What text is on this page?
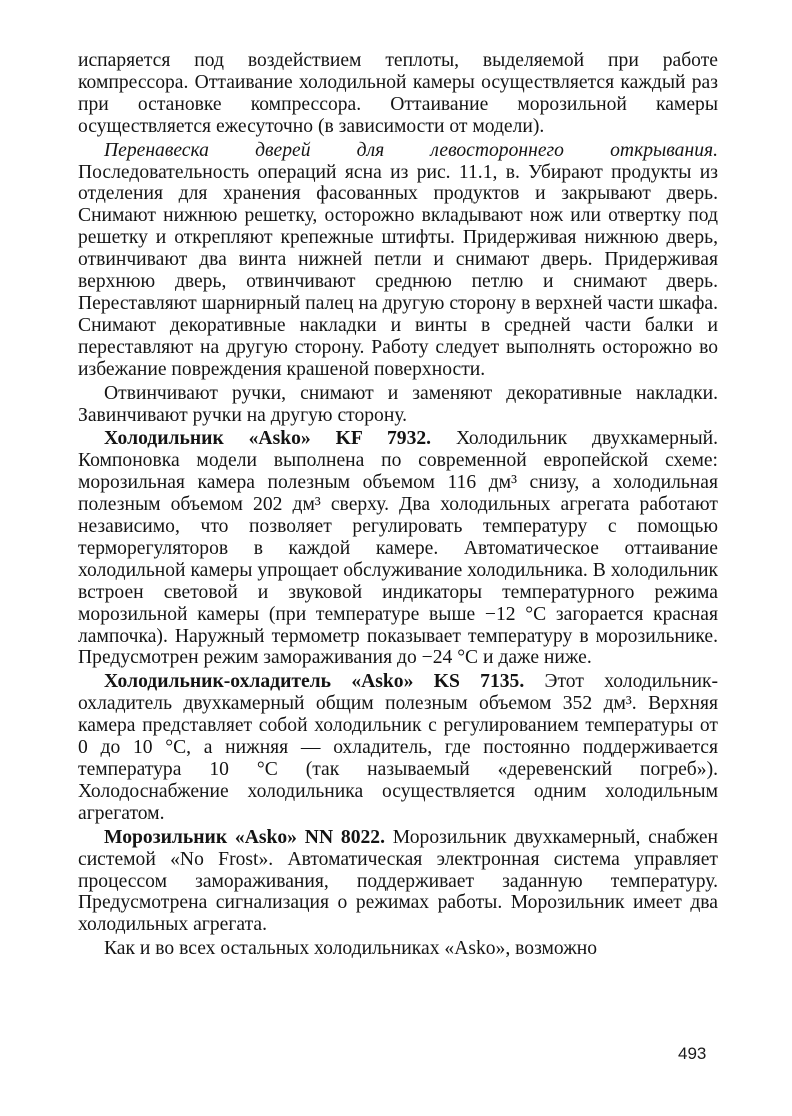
испаряется под воздействием теплоты, выделяемой при работе компрессора. Оттаивание холодильной камеры осуществляется каждый раз при остановке компрессора. Оттаивание морозильной камеры осуществляется ежесуточно (в зависимости от модели).

Перенавеска дверей для левостороннего открывания. Последовательность операций ясна из рис. 11.1, в. Убирают продукты из отделения для хранения фасованных продуктов и закрывают дверь. Снимают нижнюю решетку, осторожно вкладывают нож или отвертку под решетку и открепляют крепежные штифты. Придерживая нижнюю дверь, отвинчивают два винта нижней петли и снимают дверь. Придерживая верхнюю дверь, отвинчивают среднюю петлю и снимают дверь. Переставляют шарнирный палец на другую сторону в верхней части шкафа. Снимают декоративные накладки и винты в средней части балки и переставляют на другую сторону. Работу следует выполнять осторожно во избежание повреждения крашеной поверхности.

Отвинчивают ручки, снимают и заменяют декоративные накладки. Завинчивают ручки на другую сторону.

Холодильник «Asko» KF 7932. Холодильник двухкамерный. Компоновка модели выполнена по современной европейской схеме: морозильная камера полезным объемом 116 дм³ снизу, а холодильная полезным объемом 202 дм³ сверху. Два холодильных агрегата работают независимо, что позволяет регулировать температуру с помощью терморегуляторов в каждой камере. Автоматическое оттаивание холодильной камеры упрощает обслуживание холодильника. В холодильник встроен световой и звуковой индикаторы температурного режима морозильной камеры (при температуре выше −12 °С загорается красная лампочка). Наружный термометр показывает температуру в морозильнике. Предусмотрен режим замораживания до −24 °С и даже ниже.

Холодильник-охладитель «Asko» KS 7135. Этот холодильник-охладитель двухкамерный общим полезным объемом 352 дм³. Верхняя камера представляет собой холодильник с регулированием температуры от 0 до 10 °С, а нижняя — охладитель, где постоянно поддерживается температура 10 °С (так называемый «деревенский погреб»). Холодоснабжение холодильника осуществляется одним холодильным агрегатом.

Морозильник «Asko» NN 8022. Морозильник двухкамерный, снабжен системой «No Frost». Автоматическая электронная система управляет процессом замораживания, поддерживает заданную температуру. Предусмотрена сигнализация о режимах работы. Морозильник имеет два холодильных агрегата.

Как и во всех остальных холодильниках «Asko», возможно

493
